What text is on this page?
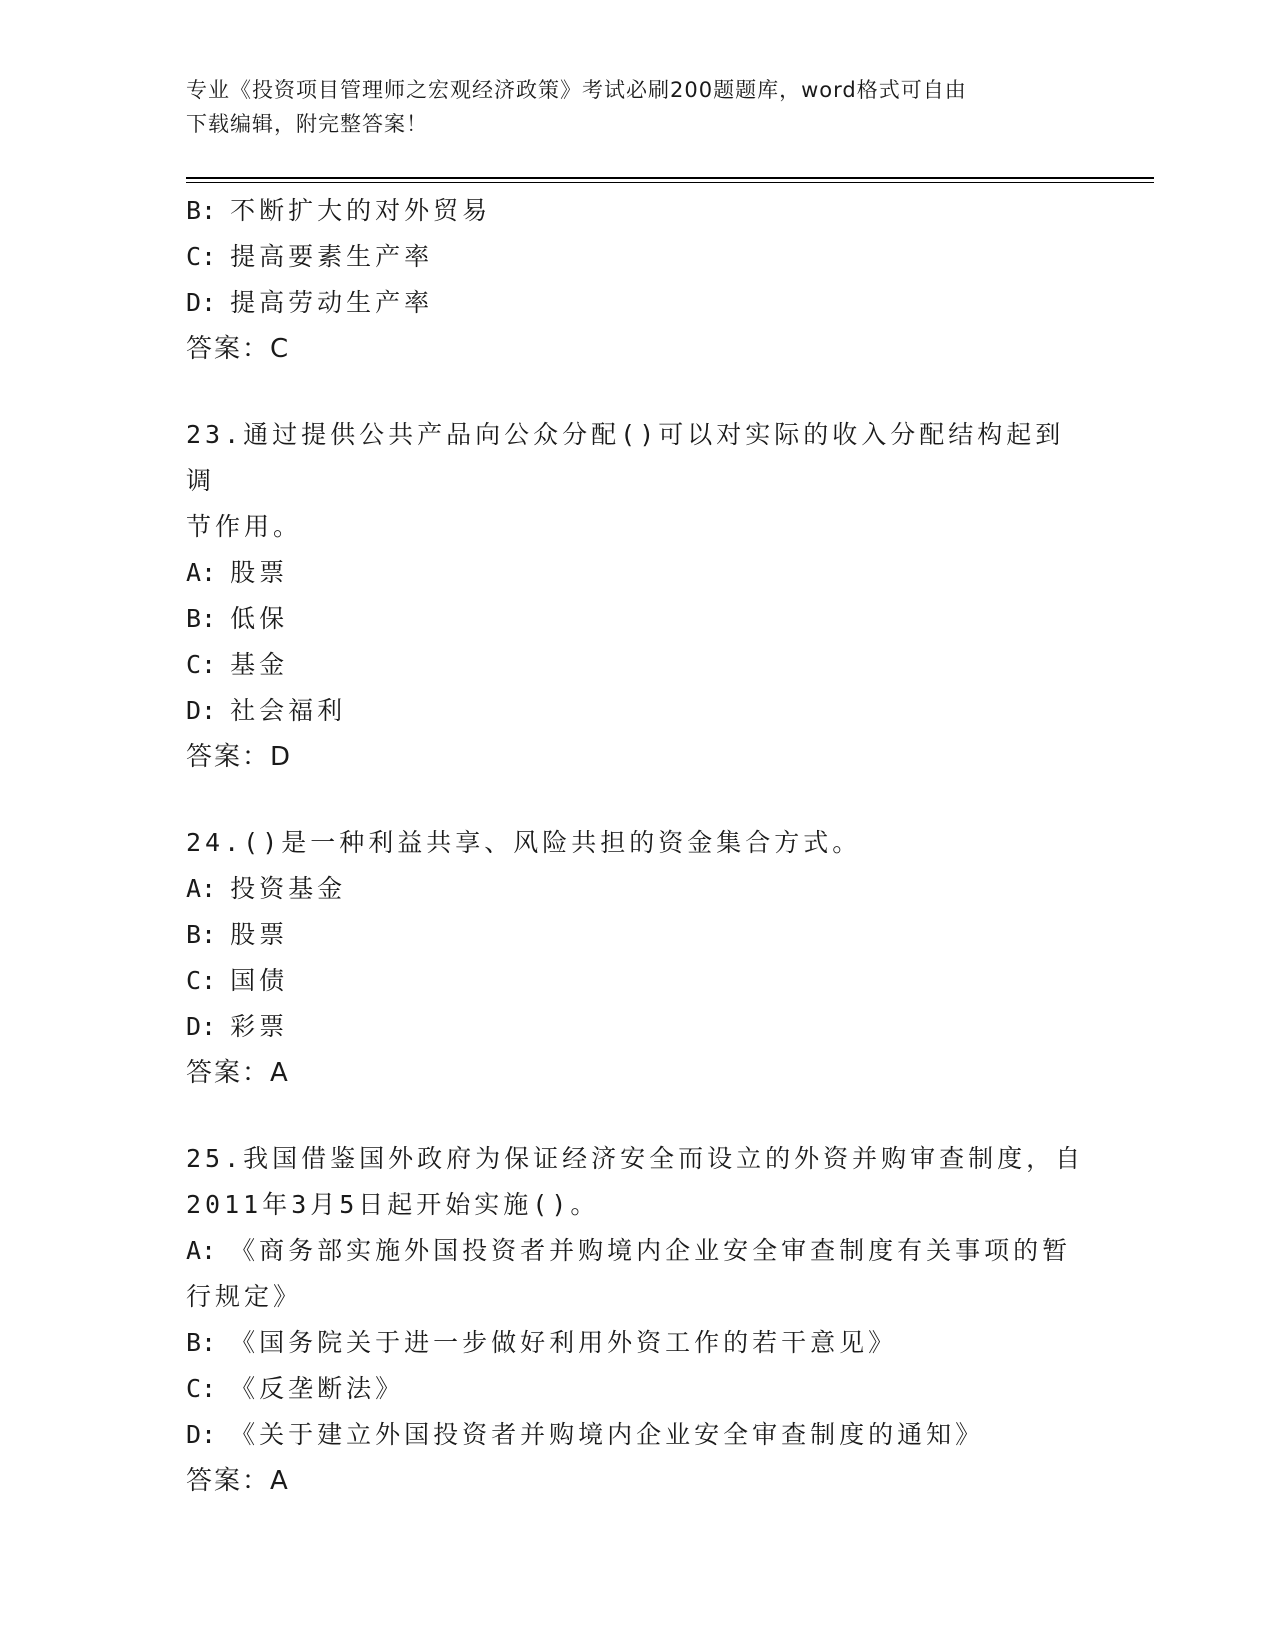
专业《投资项目管理师之宏观经济政策》考试必刷200题题库，word格式可自由
下载编辑，附完整答案！
B: 不断扩大的对外贸易
C: 提高要素生产率
D: 提高劳动生产率
答案：C
23.通过提供公共产品向公众分配()可以对实际的收入分配结构起到调
节作用。
A: 股票
B: 低保
C: 基金
D: 社会福利
答案：D
24.()是一种利益共享、风险共担的资金集合方式。
A: 投资基金
B: 股票
C: 国债
D: 彩票
答案：A
25.我国借鉴国外政府为保证经济安全而设立的外资并购审查制度，自
2011年3月5日起开始实施()。
A: 《商务部实施外国投资者并购境内企业安全审查制度有关事项的暂
行规定》
B: 《国务院关于进一步做好利用外资工作的若干意见》
C: 《反垄断法》
D: 《关于建立外国投资者并购境内企业安全审查制度的通知》
答案：A
